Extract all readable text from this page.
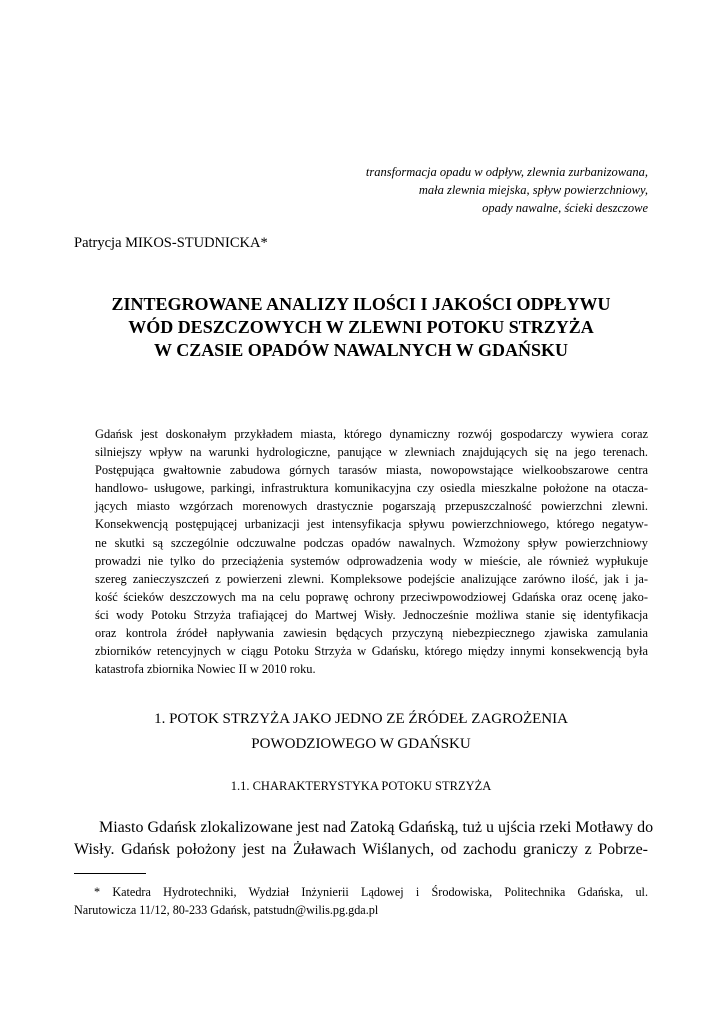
transformacja opadu w odpływ, zlewnia zurbanizowana,
mała zlewnia miejska, spływ powierzchniowy,
opady nawalne, ścieki deszczowe
Patrycja MIKOS-STUDNICKA*
ZINTEGROWANE ANALIZY ILOŚCI I JAKOŚCI ODPŁYWU
WÓD DESZCZOWYCH W ZLEWNI POTOKU STRZYŻA
W CZASIE OPADÓW NAWALNYCH W GDAŃSKU
Gdańsk jest doskonałym przykładem miasta, którego dynamiczny rozwój gospodarczy wywiera coraz
silniejszy wpływ na warunki hydrologiczne, panujące w zlewniach znajdujących się na jego terenach.
Postępująca gwałtownie zabudowa górnych tarasów miasta, nowopowstające wielkoobszarowe centra
handlowo- usługowe, parkingi, infrastruktura komunikacyjna czy osiedla mieszkalne położone na otacza-
jących miasto wzgórzach morenowych drastycznie pogarszają przepuszczalność powierzchni zlewni.
Konsekwencją postępującej urbanizacji jest intensyfikacja spływu powierzchniowego, którego negatyw-
ne skutki są szczególnie odczuwalne podczas opadów nawalnych. Wzmożony spływ powierzchniowy
prowadzi nie tylko do przeciążenia systemów odprowadzenia wody w mieście, ale również wypłukuje
szereg zanieczyszczeń z powierzeni zlewni. Kompleksowe podejście analizujące zarówno ilość, jak i ja-
kość ścieków deszczowych ma na celu poprawę ochrony przeciwpowodziowej Gdańska oraz ocenę jako-
ści wody Potoku Strzyża trafiającej do Martwej Wisły. Jednocześnie możliwa stanie się identyfikacja
oraz kontrola źródeł napływania zawiesin będących przyczyną niebezpiecznego zjawiska zamulania
zbiorników retencyjnych w ciągu Potoku Strzyża w Gdańsku, którego między innymi konsekwencją była
katastrofa zbiornika Nowiec II w 2010 roku.
1. POTOK STRZYŻA JAKO JEDNO ZE ŹRÓDEŁ ZAGROŻENIA
POWODZIOWEGO W GDAŃSKU
1.1. CHARAKTERYSTYKA POTOKU STRZYŻA
Miasto Gdańsk zlokalizowane jest nad Zatoką Gdańską, tuż u ujścia rzeki Motławy do
Wisły. Gdańsk położony jest na Żuławach Wiślanych, od zachodu graniczy z Pobrze-
* Katedra Hydrotechniki, Wydział Inżynierii Lądowej i Środowiska, Politechnika Gdańska, ul.
Narutowicza 11/12, 80-233 Gdańsk, patstudn@wilis.pg.gda.pl
